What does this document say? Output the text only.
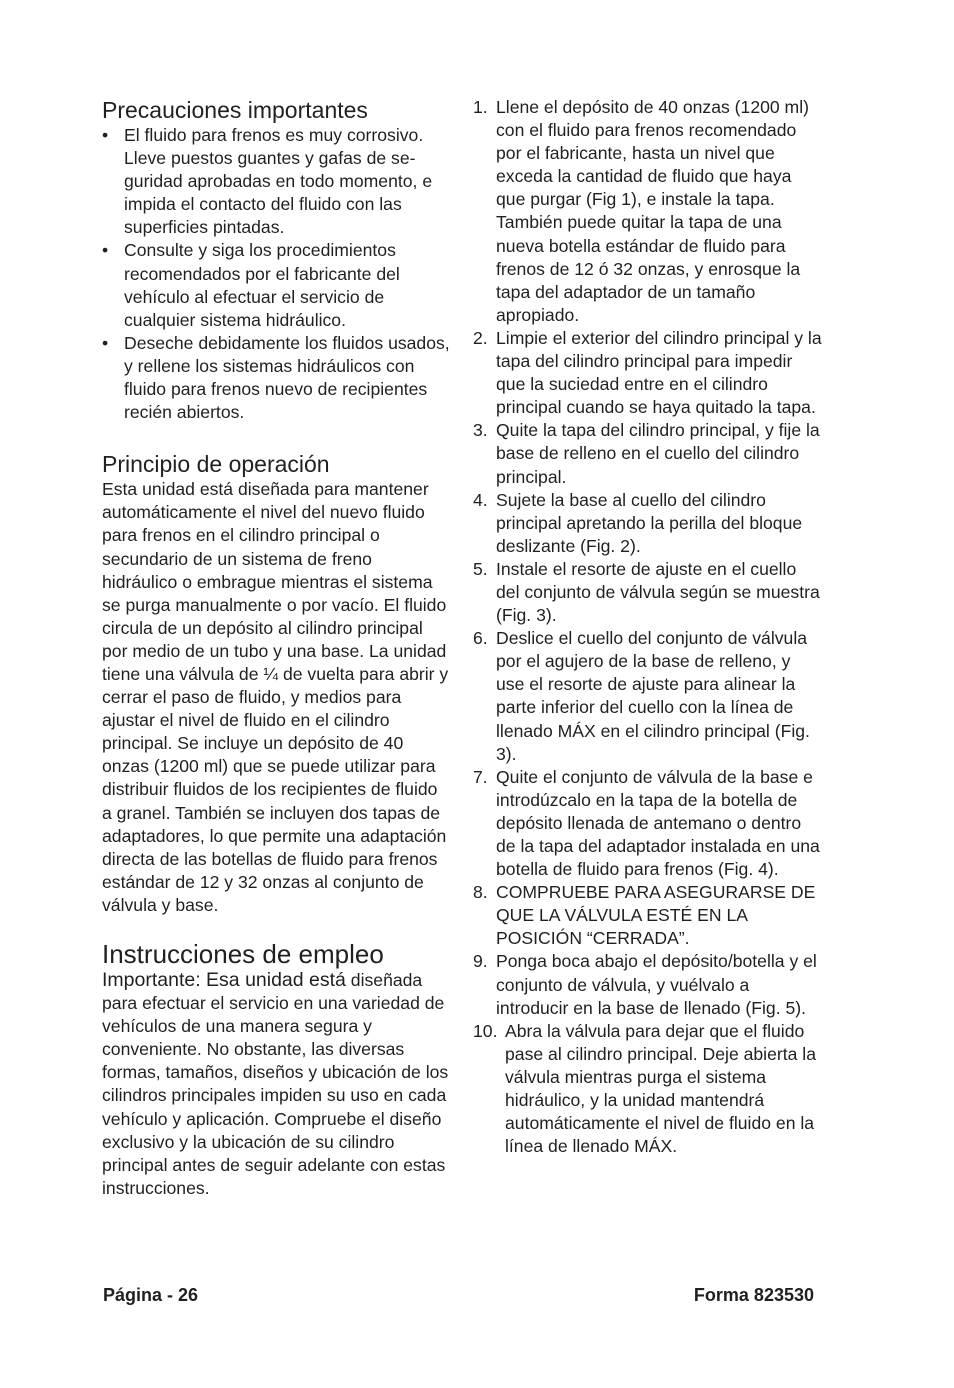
Precauciones importantes
• El fluido para frenos es muy corrosivo. Lleve puestos guantes y gafas de seguridad aprobadas en todo momento, e impida el contacto del fluido con las superficies pintadas.
• Consulte y siga los procedimientos recomendados por el fabricante del vehículo al efectuar el servicio de cualquier sistema hidráulico.
• Deseche debidamente los fluidos usados, y rellene los sistemas hidráulicos con fluido para frenos nuevo de recipientes recién abiertos.
Principio de operación

Esta unidad está diseñada para mantener automáticamente el nivel del nuevo fluido para frenos en el cilindro principal o secundario de un sistema de freno hidráulico o embrague mientras el sistema se purga manualmente o por vacío. El fluido circula de un depósito al cilindro principal por medio de un tubo y una base. La unidad tiene una válvula de ¼ de vuelta para abrir y cerrar el paso de fluido, y medios para ajustar el nivel de fluido en el cilindro principal. Se incluye un depósito de 40 onzas (1200 ml) que se puede utilizar para distribuir fluidos de los recipientes de fluido a granel. También se incluyen dos tapas de adaptadores, lo que permite una adaptación directa de las botellas de fluido para frenos estándar de 12 y 32 onzas al conjunto de válvula y base.

Instrucciones de empleo

Importante: Esa unidad está diseñada para efectuar el servicio en una variedad de vehículos de una manera segura y conveniente. No obstante, las diversas formas, tamaños, diseños y ubicación de los cilindros principales impiden su uso en cada vehículo y aplicación. Compruebe el diseño exclusivo y la ubicación de su cilindro principal antes de seguir adelante con estas instrucciones.

1. Llene el depósito de 40 onzas (1200 ml) con el fluido para frenos recomendado por el fabricante, hasta un nivel que exceda la cantidad de fluido que haya que purgar (Fig 1), e instale la tapa. También puede quitar la tapa de una nueva botella estándar de fluido para frenos de 12 ó 32 onzas, y enrosque la tapa del adaptador de un tamaño apropiado.
2. Limpie el exterior del cilindro principal y la tapa del cilindro principal para impedir que la suciedad entre en el cilindro principal cuando se haya quitado la tapa.
3. Quite la tapa del cilindro principal, y fije la base de relleno en el cuello del cilindro principal.
4. Sujete la base al cuello del cilindro principal apretando la perilla del bloque deslizante (Fig. 2).
5. Instale el resorte de ajuste en el cuello del conjunto de válvula según se muestra (Fig. 3).
6. Deslice el cuello del conjunto de válvula por el agujero de la base de relleno, y use el resorte de ajuste para alinear la parte inferior del cuello con la línea de llenado MÁX en el cilindro principal (Fig. 3).
7. Quite el conjunto de válvula de la base e introdúzcalo en la tapa de la botella de depósito llenada de antemano o dentro de la tapa del adaptador instalada en una botella de fluido para frenos (Fig. 4).
8. COMPRUEBE PARA ASEGURARSE DE QUE LA VÁLVULA ESTÉ EN LA POSICIÓN “CERRADA”.
9. Ponga boca abajo el depósito/botella y el conjunto de válvula, y vuélvalo a introducir en la base de llenado (Fig. 5).
10. Abra la válvula para dejar que el fluido pase al cilindro principal. Deje abierta la válvula mientras purga el sistema hidráulico, y la unidad mantendrá automáticamente el nivel de fluido en la línea de llenado MÁX.
Página - 26	Forma 823530
